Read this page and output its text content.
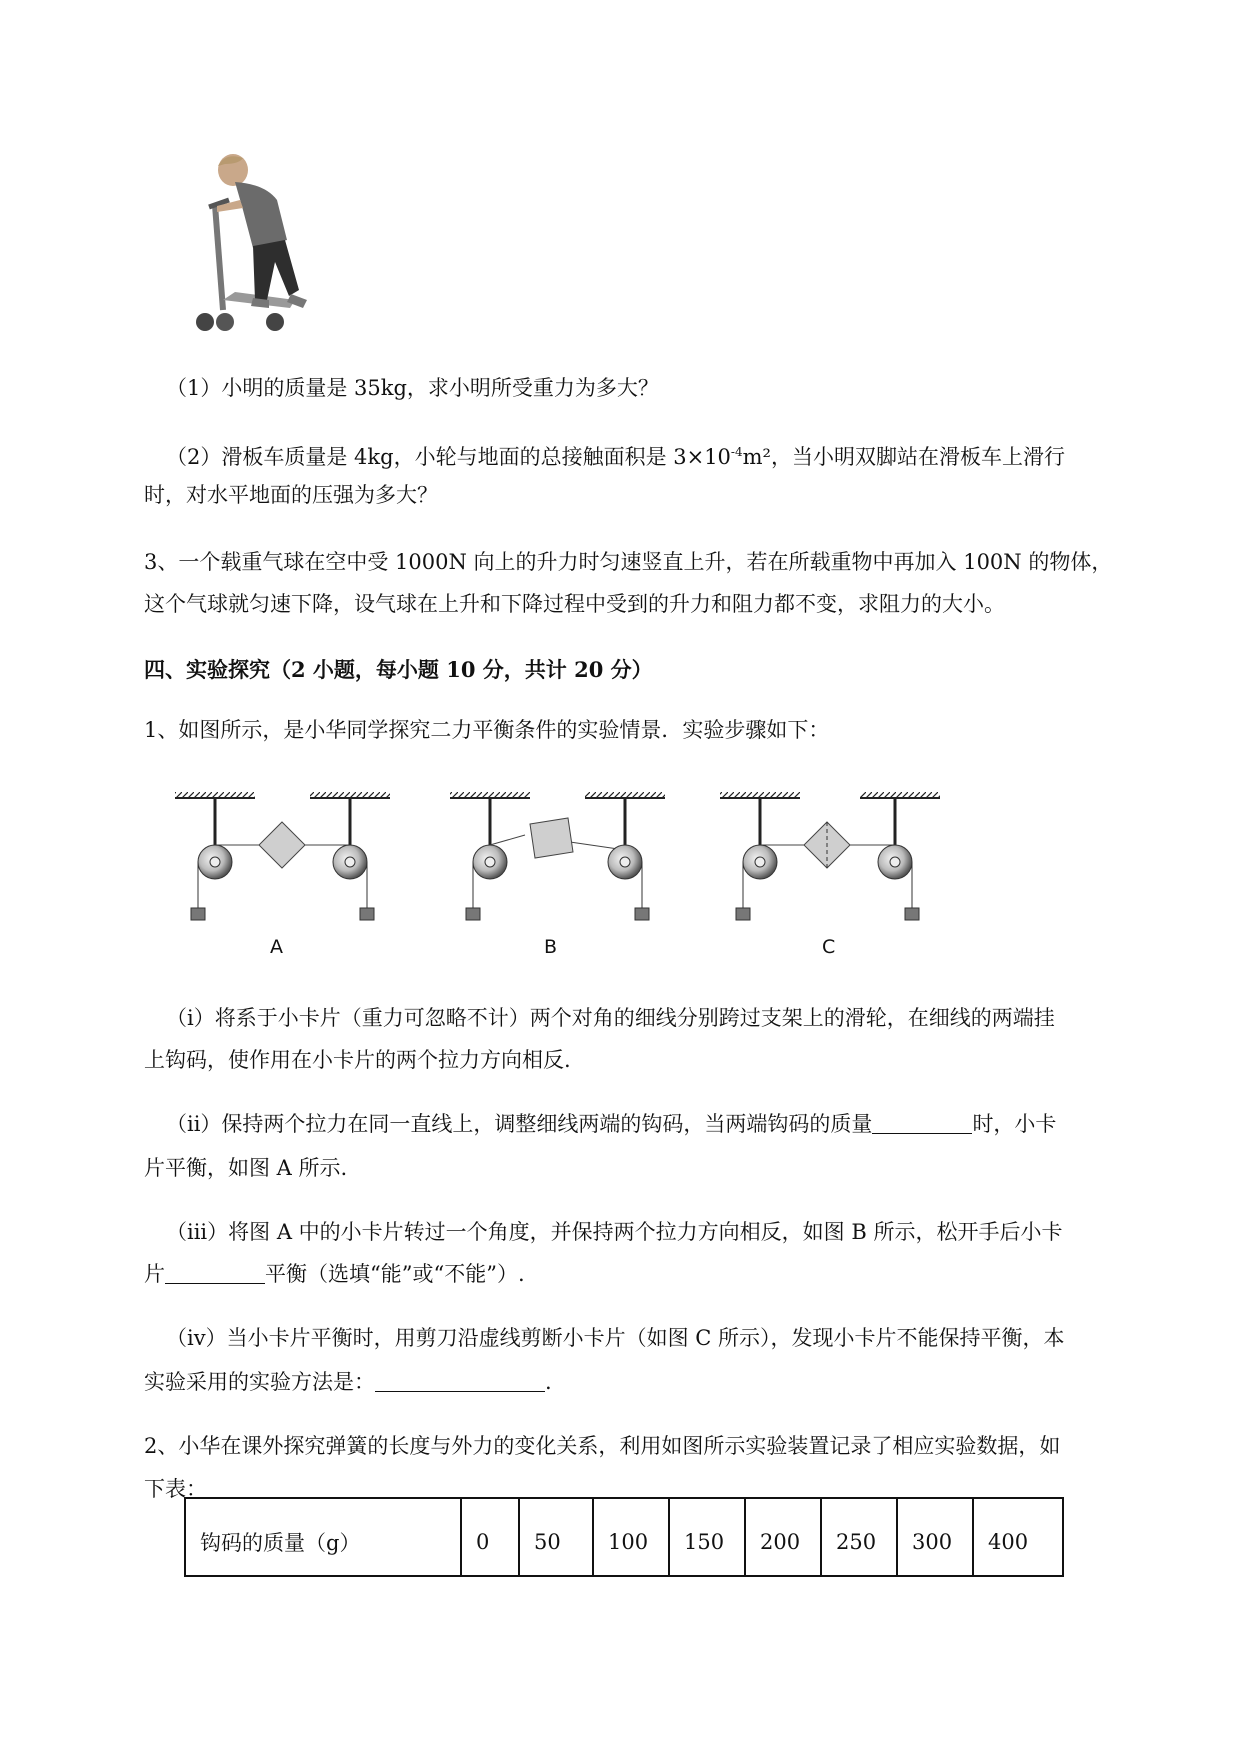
（1）小明的质量是 35kg，求小明所受重力为多大？
（2）滑板车质量是 4kg，小轮与地面的总接触面积是 $3\times 10^{-4}m^2$，当小明双脚站在滑板车上滑行
时，对水平地面的压强为多大？
3、一个载重气球在空中受 1000N 向上的升力时匀速竖直上升，若在所载重物中再加入 100N 的物体，
这个气球就匀速下降，设气球在上升和下降过程中受到的升力和阻力都不变，求阻力的大小。
四、实验探究（2 小题，每小题 10 分，共计 20 分）
1、如图所示，是小华同学探究二力平衡条件的实验情景．实验步骤如下：
A	B	C
（i）将系于小卡片（重力可忽略不计）两个对角的细线分别跨过支架上的滑轮，在细线的两端挂
上钩码，使作用在小卡片的两个拉力方向相反.
（ii）保持两个拉力在同一直线上，调整细线两端的钩码，当两端钩码的质量	时，小卡
片平衡，如图 A 所示.
（iii）将图 A 中的小卡片转过一个角度，并保持两个拉力方向相反，如图 B 所示，松开手后小卡
片	平衡（选填“能”或“不能”）.
（iv）当小卡片平衡时，用剪刀沿虚线剪断小卡片（如图 C 所示），发现小卡片不能保持平衡，本
实验采用的实验方法是：	.
2、小华在课外探究弹簧的长度与外力的变化关系，利用如图所示实验装置记录了相应实验数据，如
下表：
钩码的质量（g）	0	50	100	150	200	250	300	400
